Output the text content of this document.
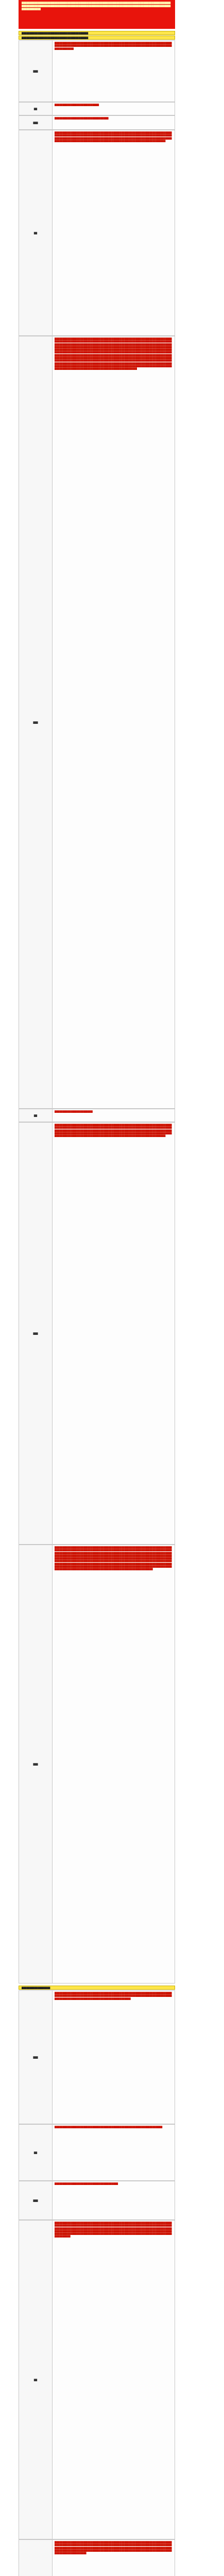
████████████████████████████████████████████████████████████████████████████████████████████████████████████████████████████████████████████████████████████████████████████████████████████████████████
██████████████████████████████████████████
██████████████████████████████████████████
███
████████████████████████████████████████████████████████████████████████████████████████████████████████████████████████████████████████████████████████████████
██
████████████████████████████
███
██████████████████████████████████
██
████████████████████████████████████████████████████████████████████████████████████████████████████████████████████████████████████████████████████████████████████████████████████████████████████████████████████████████████████████████████████████████████████████████████████████████████████
███
██████████████████████████████████████████████████████████████████████████████████████████████████████████████████████████████████████████████████████████████████████████████████████████████████████████████████████████████████████████████████████████████████████████████████████████████████████████████████████████████████████████████████████████████████████████████████████████████████████████████████████████████████████████████████████████████████████████████████████████████████████████████████████████████████████████████████████████████████████████████████████████████████████████████████████████████████████████████████████████████████████████████████████████████████████████████████████████████████████████████████████████████████████████████████████████████████████████████████████████████████████████████████████████████████████████████████████████████████
██
████████████████████████
███
██████████████████████████████████████████████████████████████████████████████████████████████████████████████████████████████████████████████████████████████████████████████████████████████████████████████████████████████████████████████████████████████████████████████████████████████████████████████████████████████████████████████████████████████████████████████
███
██████████████████████████████████████████████████████████████████████████████████████████████████████████████████████████████████████████████████████████████████████████████████████████████████████████████████████████████████████████████████████████████████████████████████████████████████████████████████████████████████████████████████████████████████████████████████████████████████████████████████████████████████████████████████████████████████████████████████████████████████████████████████████████████████████████████████████████████████████████████████████████████████████████████████████████████████████████████████████████████████████████████
██████████████████
███
████████████████████████████████████████████████████████████████████████████████████████████████████████████████████████████████████████████████████████████████████████████████████████████████████
██
████████████████████████████████████████████████████████████████████
███
████████████████████████████████████████
██
████████████████████████████████████████████████████████████████████████████████████████████████████████████████████████████████████████████████████████████████████████████████████████████████████████████████████████████████████████████████████████████████████████████████████████████████████████████████████████████████████████████████████████████████████████████████████████████
████████████████████████████████████████████████████████████████████████████████████████████████████████████████████████████████████████████████████████████████████████████████████████████████████████████████████████████████████████████████████████████████████████████████████████████████████████████████████████████
